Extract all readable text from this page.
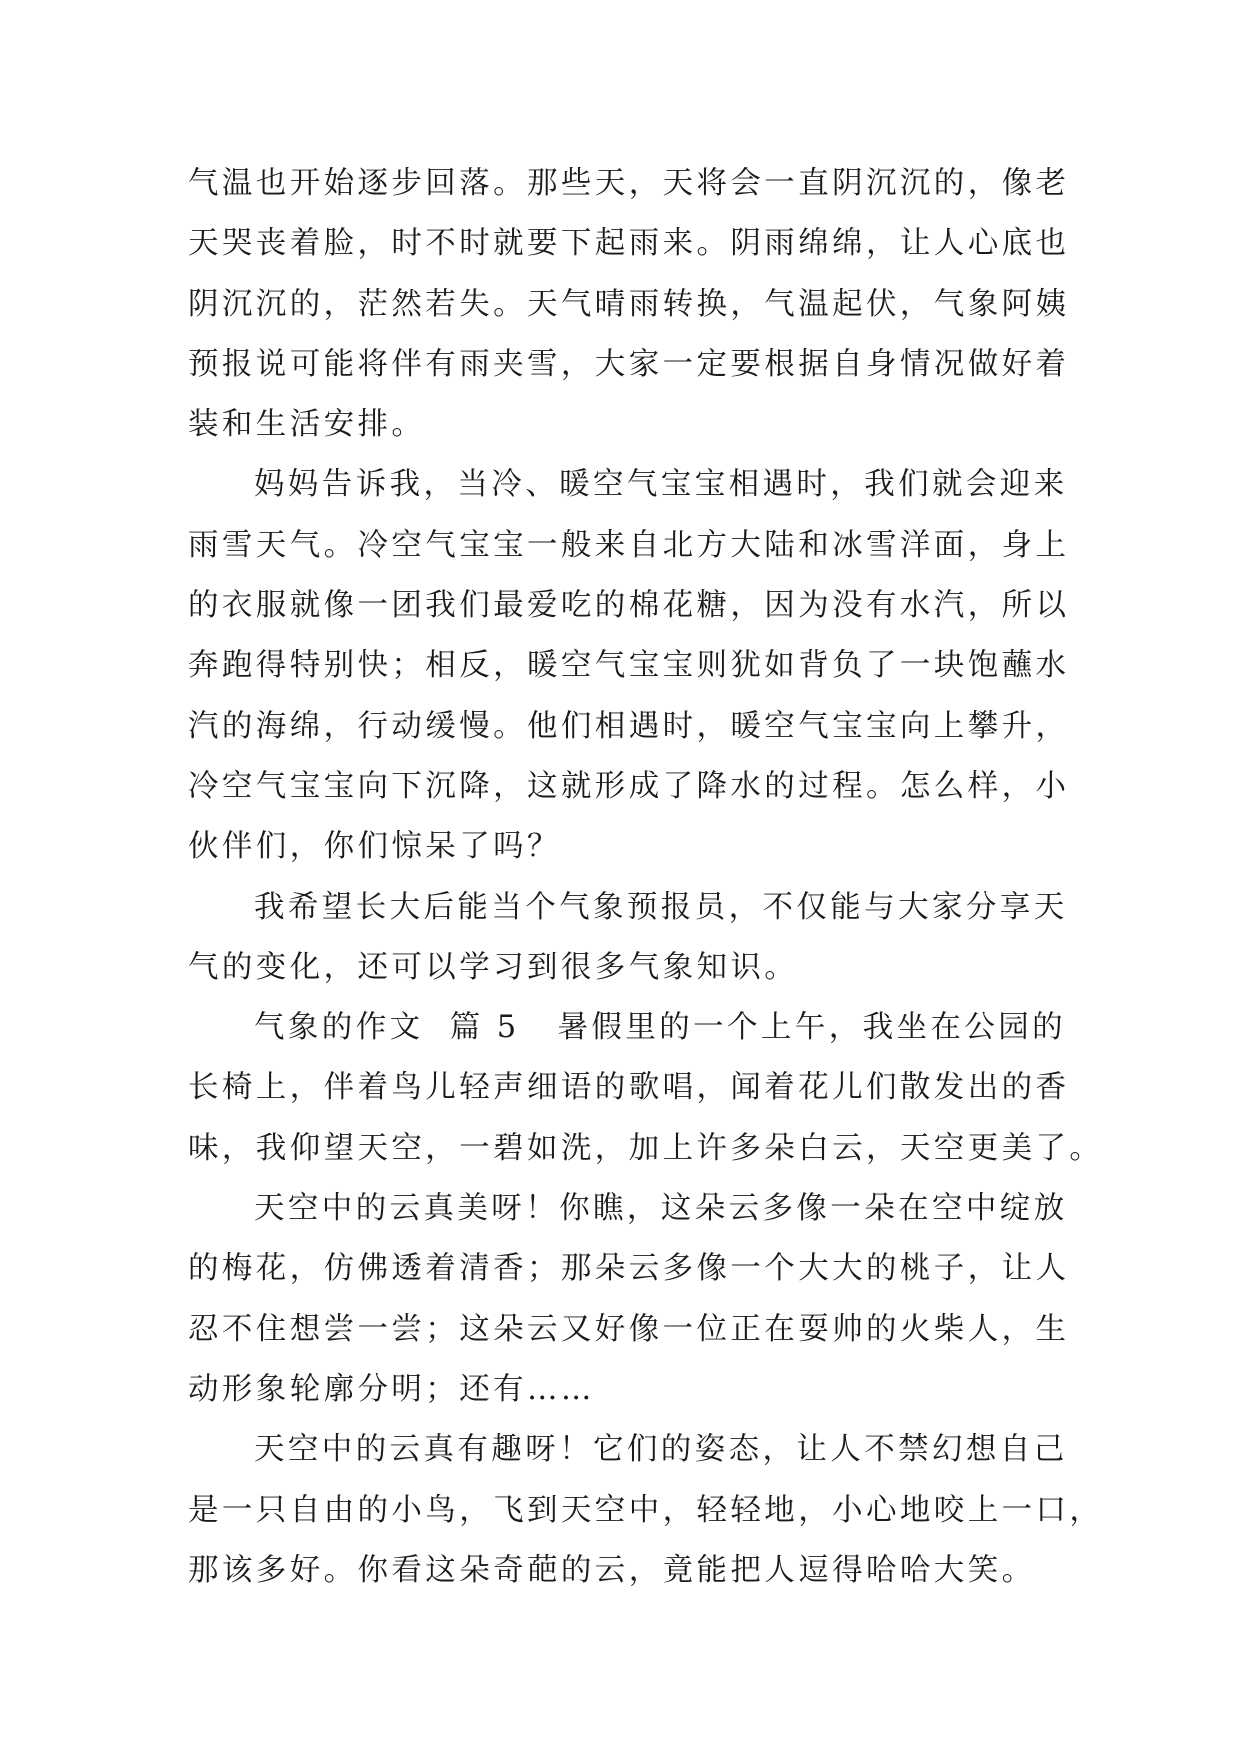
气温也开始逐步回落。那些天，天将会一直阴沉沉的，像老
天哭丧着脸，时不时就要下起雨来。阴雨绵绵，让人心底也
阴沉沉的，茫然若失。天气晴雨转换，气温起伏，气象阿姨
预报说可能将伴有雨夹雪，大家一定要根据自身情况做好着
装和生活安排。
妈妈告诉我，当冷、暖空气宝宝相遇时，我们就会迎来
雨雪天气。冷空气宝宝一般来自北方大陆和冰雪洋面，身上
的衣服就像一团我们最爱吃的棉花糖，因为没有水汽，所以
奔跑得特别快；相反，暖空气宝宝则犹如背负了一块饱蘸水
汽的海绵，行动缓慢。他们相遇时，暖空气宝宝向上攀升，
冷空气宝宝向下沉降，这就形成了降水的过程。怎么样，小
伙伴们，你们惊呆了吗？
我希望长大后能当个气象预报员，不仅能与大家分享天
气的变化，还可以学习到很多气象知识。
气象的作文 篇 5 暑假里的一个上午，我坐在公园的
长椅上，伴着鸟儿轻声细语的歌唱，闻着花儿们散发出的香
味，我仰望天空，一碧如洗，加上许多朵白云，天空更美了。
天空中的云真美呀！你瞧，这朵云多像一朵在空中绽放
的梅花，仿佛透着清香；那朵云多像一个大大的桃子，让人
忍不住想尝一尝；这朵云又好像一位正在耍帅的火柴人，生
动形象轮廓分明；还有……
天空中的云真有趣呀！它们的姿态，让人不禁幻想自己
是一只自由的小鸟，飞到天空中，轻轻地，小心地咬上一口，
那该多好。你看这朵奇葩的云，竟能把人逗得哈哈大笑。
